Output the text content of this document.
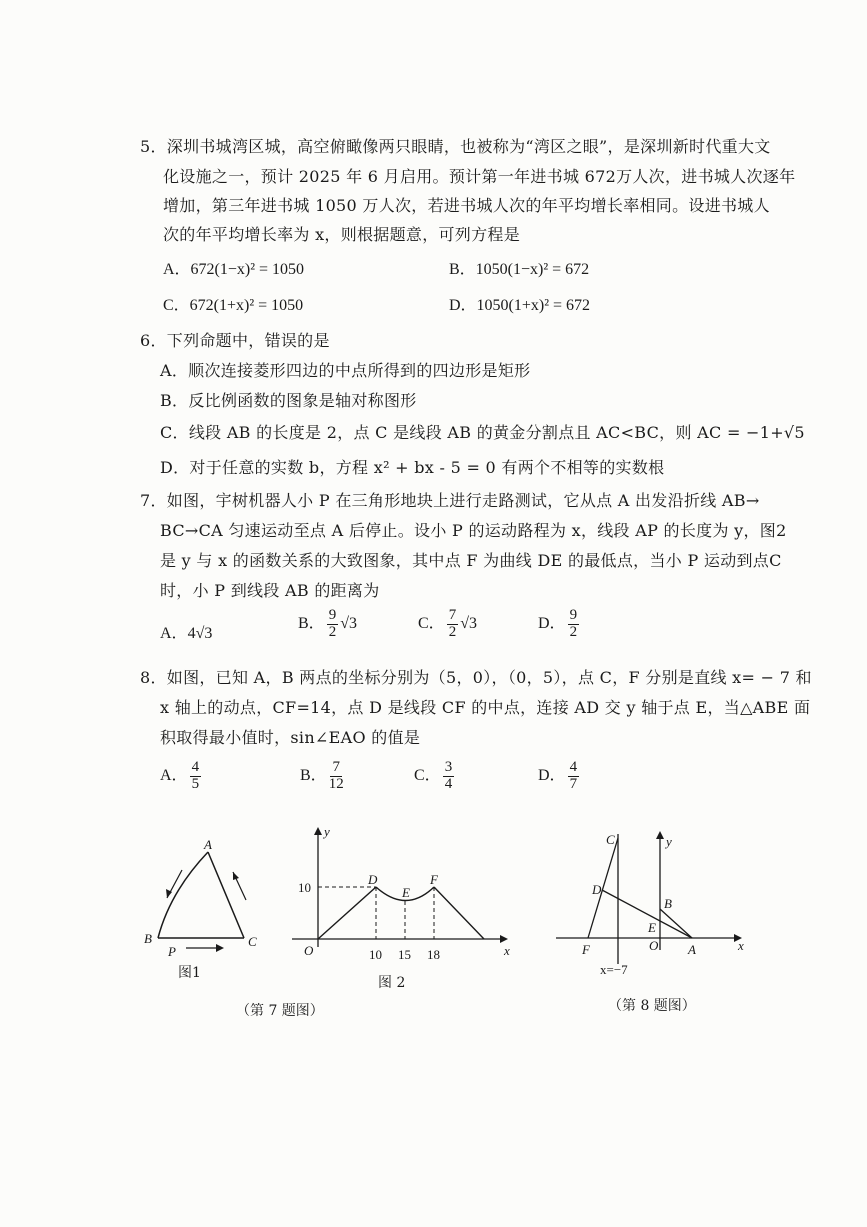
5．深圳书城湾区城，高空俯瞰像两只眼睛，也被称为“湾区之眼”，是深圳新时代重大文
化设施之一，预计 2025 年 6 月启用。预计第一年进书城 672万人次，进书城人次逐年
增加，第三年进书城 1050 万人次，若进书城人次的年平均增长率相同。设进书城人
次的年平均增长率为 x，则根据题意，可列方程是
A．672(1−x)² = 1050	B．1050(1−x)² = 672
C．672(1+x)² = 1050	D．1050(1+x)² = 672
6．下列命题中，错误的是
A．顺次连接菱形四边的中点所得到的四边形是矩形
B．反比例函数的图象是轴对称图形
C．线段 AB 的长度是 2，点 C 是线段 AB 的黄金分割点且 AC<BC，则 AC = −1+√5
D．对于任意的实数 b，方程 x² + bx - 5 = 0 有两个不相等的实数根
7．如图，宇树机器人小 P 在三角形地块上进行走路测试，它从点 A 出发沿折线 AB→
BC→CA 匀速运动至点 A 后停止。设小 P 的运动路程为 x，线段 AP 的长度为 y，图2
是 y 与 x 的函数关系的大致图象，其中点 F 为曲线 DE 的最低点，当小 P 运动到点C
时，小 P 到线段 AB 的距离为
A．4√3
B． $\frac{9}{2} √3$	C． $\frac{7}{2} √3$	D． $\frac{9}{2}$
8．如图，已知 A，B 两点的坐标分别为（5，0），（0，5），点 C，F 分别是直线 x= − 7 和
x 轴上的动点，CF=14，点 D 是线段 CF 的中点，连接 AD 交 y 轴于点 E，当△ABE 面
积取得最小值时，sin∠EAO 的值是
A． $\frac{4}{5}$	B． $\frac{7}{12}$	C． $\frac{3}{4}$	D． $\frac{4}{7}$
A
B	C
P
图1
y
x
O
10
10 15 18
D
E
F
图 2
（第 7 题图）
C
D
B
E
O A
F	x
y
x=−7
（第 8 题图）
